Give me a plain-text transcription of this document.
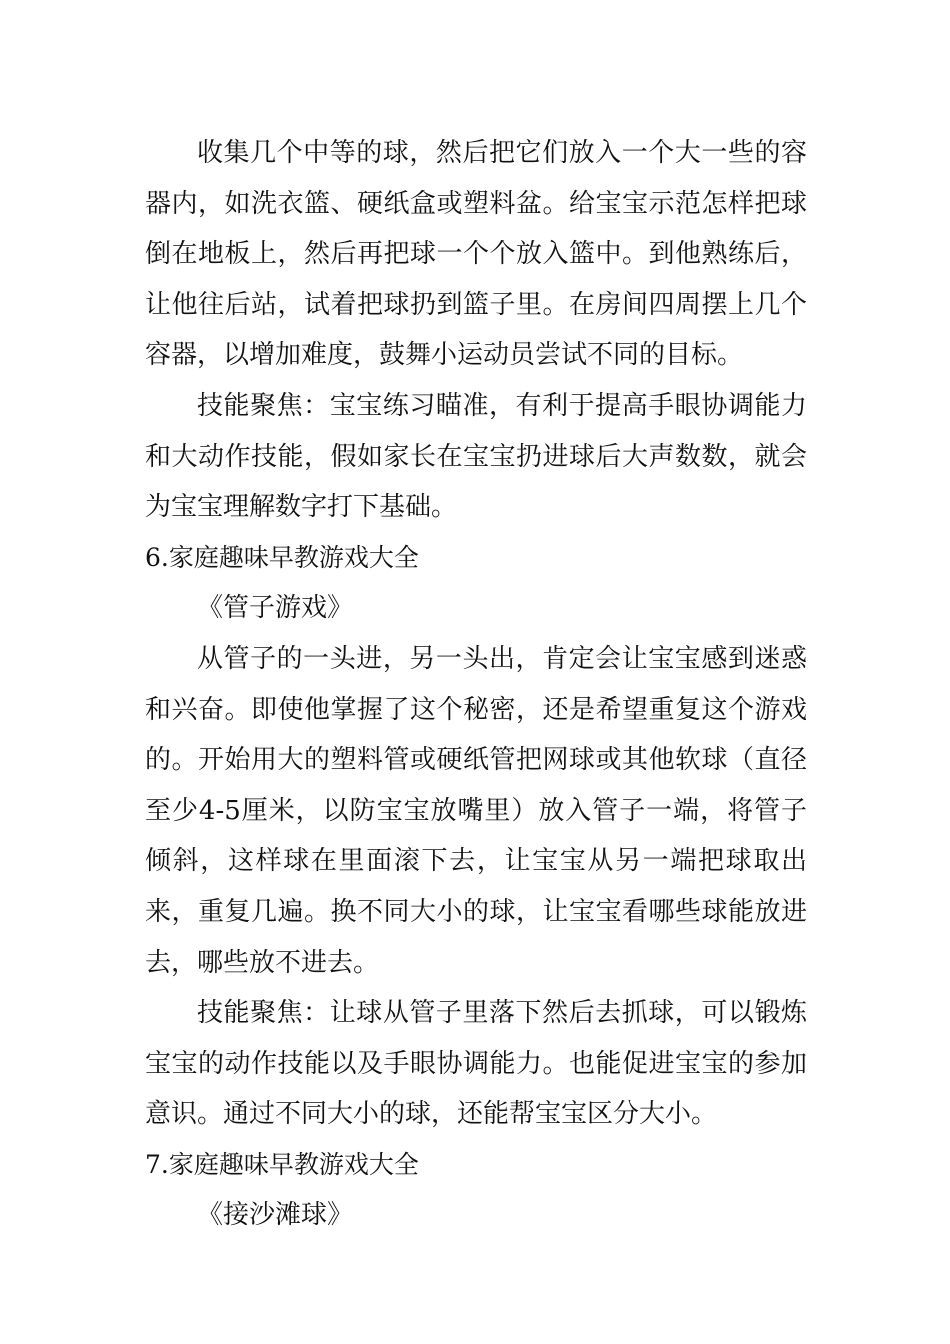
收集几个中等的球，然后把它们放入一个大一些的容器内，如洗衣篮、硬纸盒或塑料盆。给宝宝示范怎样把球倒在地板上，然后再把球一个个放入篮中。到他熟练后，让他往后站，试着把球扔到篮子里。在房间四周摆上几个容器，以增加难度，鼓舞小运动员尝试不同的目标。

技能聚焦：宝宝练习瞄准，有利于提高手眼协调能力和大动作技能，假如家长在宝宝扔进球后大声数数，就会为宝宝理解数字打下基础。

6.家庭趣味早教游戏大全

《管子游戏》

从管子的一头进，另一头出，肯定会让宝宝感到迷惑和兴奋。即使他掌握了这个秘密，还是希望重复这个游戏的。开始用大的塑料管或硬纸管把网球或其他软球（直径至少4-5厘米，以防宝宝放嘴里）放入管子一端，将管子倾斜，这样球在里面滚下去，让宝宝从另一端把球取出来，重复几遍。换不同大小的球，让宝宝看哪些球能放进去，哪些放不进去。

技能聚焦：让球从管子里落下然后去抓球，可以锻炼宝宝的动作技能以及手眼协调能力。也能促进宝宝的参加意识。通过不同大小的球，还能帮宝宝区分大小。

7.家庭趣味早教游戏大全

《接沙滩球》
